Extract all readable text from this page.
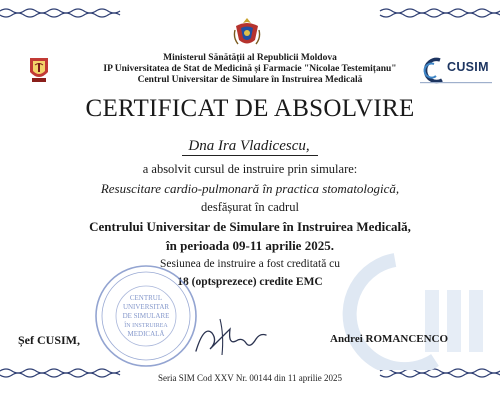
CUSIM
Ministerul Sănătății al Republicii Moldova
IP Universitatea de Stat de Medicină și Farmacie "Nicolae Testemițanu"
Centrul Universitar de Simulare în Instruirea Medicală
CERTIFICAT DE ABSOLVIRE
Dna Ira Vladicescu,
a absolvit cursul de instruire prin simulare:
Resuscitare cardio-pulmonară în practica stomatologică,
desfășurat în cadrul
Centrului Universitar de Simulare în Instruirea Medicală,
în perioada 09-11 aprilie 2025.
Sesiunea de instruire a fost creditată cu
18 (optsprezece) credite EMC
CENTRUL
UNIVERSITAR
DE SIMULARE
ÎN INSTRUIREA
MEDICALĂ
Șef CUSIM,	Andrei ROMANCENCO
Seria SIM Cod XXV Nr. 00144 din 11 aprilie 2025
